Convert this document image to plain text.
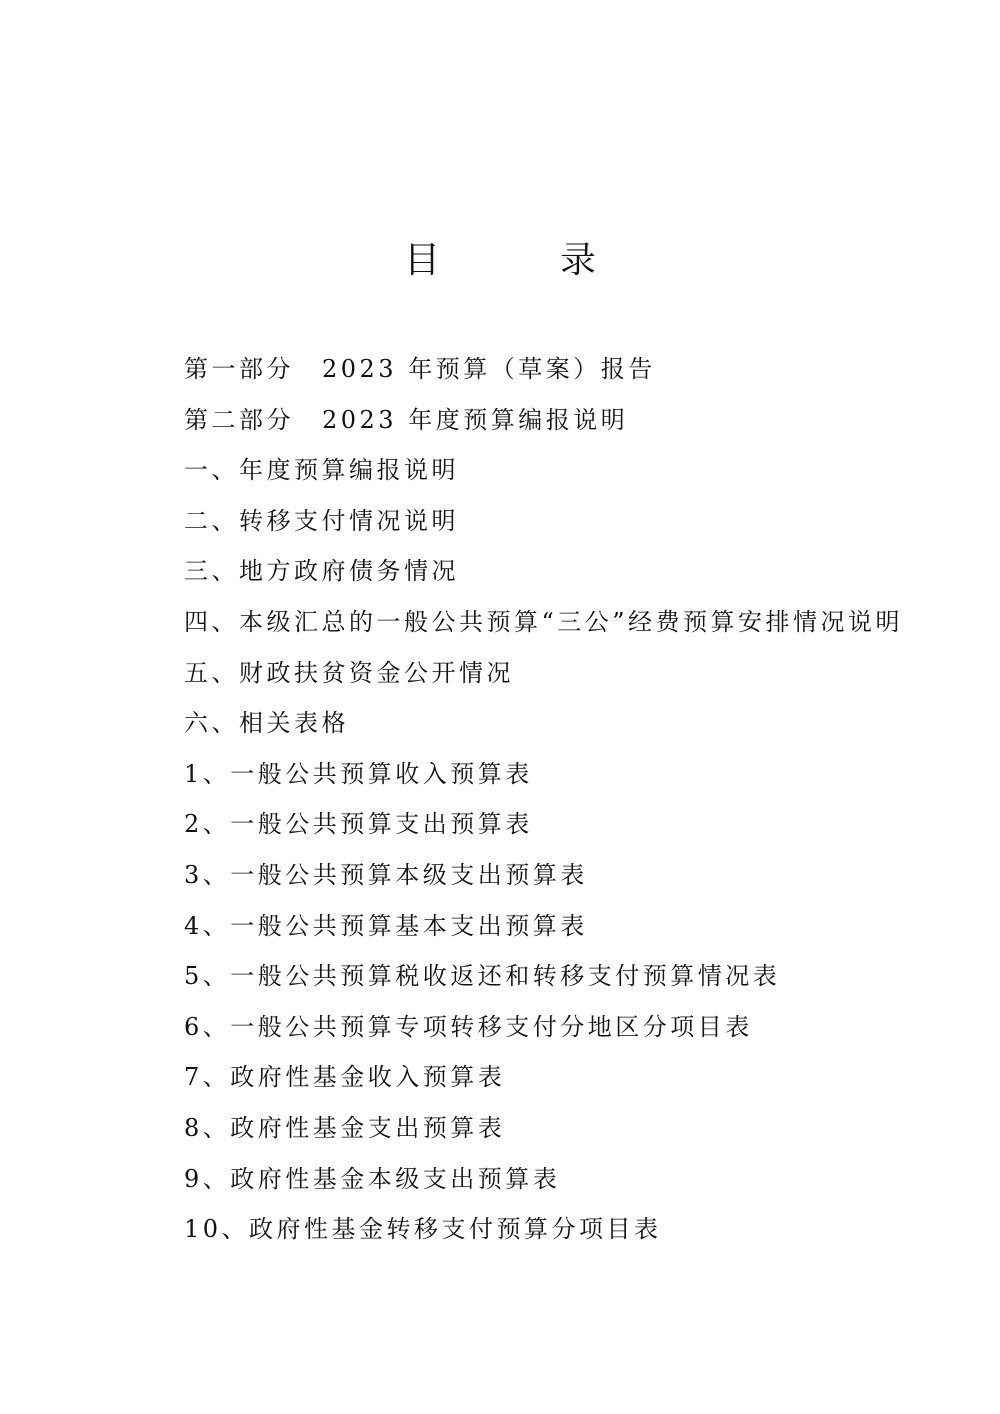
目　录
第一部分 2023 年预算（草案）报告
第二部分 2023 年度预算编报说明
一、年度预算编报说明
二、转移支付情况说明
三、地方政府债务情况
四、本级汇总的一般公共预算“三公”经费预算安排情况说明
五、财政扶贫资金公开情况
六、相关表格
1、一般公共预算收入预算表
2、一般公共预算支出预算表
3、一般公共预算本级支出预算表
4、一般公共预算基本支出预算表
5、一般公共预算税收返还和转移支付预算情况表
6、一般公共预算专项转移支付分地区分项目表
7、政府性基金收入预算表
8、政府性基金支出预算表
9、政府性基金本级支出预算表
10、政府性基金转移支付预算分项目表
